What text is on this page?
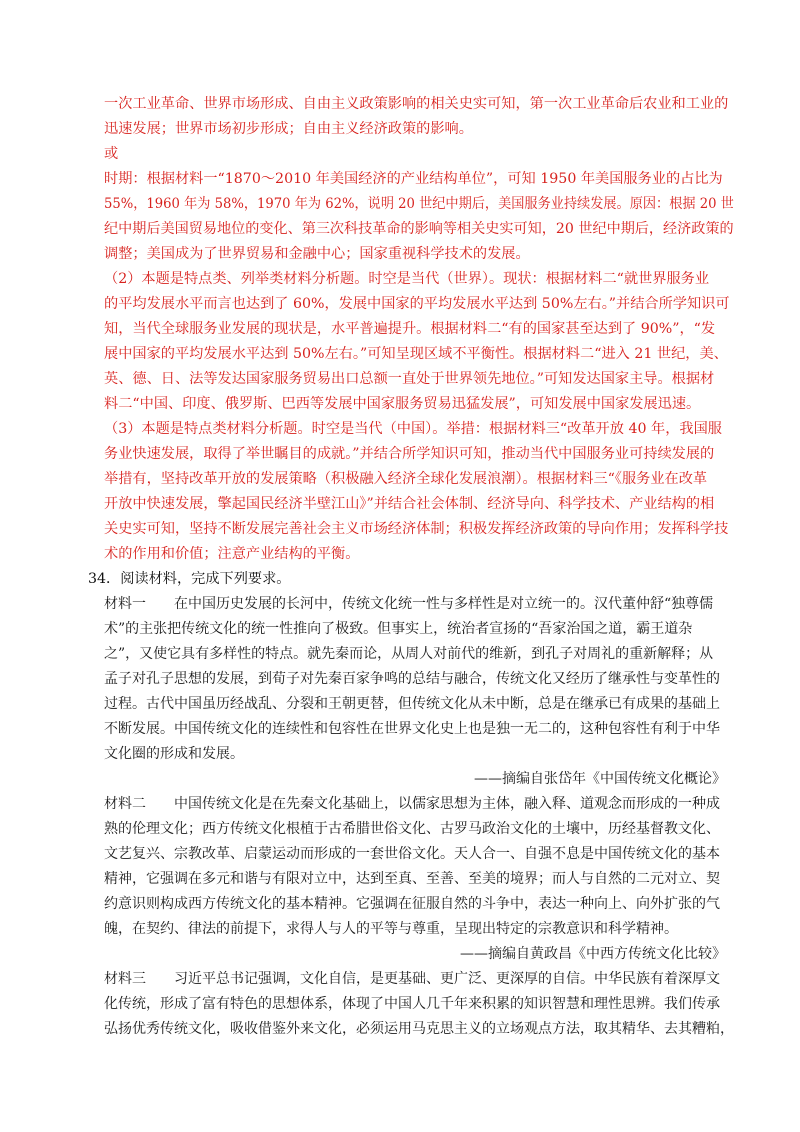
一次工业革命、世界市场形成、自由主义政策影响的相关史实可知，第一次工业革命后农业和工业的
迅速发展；世界市场初步形成；自由主义经济政策的影响。
或
时期：根据材料一“1870～2010 年美国经济的产业结构单位”，可知 1950 年美国服务业的占比为
55%，1960 年为 58%，1970 年为 62%，说明 20 世纪中期后，美国服务业持续发展。原因：根据 20 世
纪中期后美国贸易地位的变化、第三次科技革命的影响等相关史实可知，20 世纪中期后，经济政策的
调整；美国成为了世界贸易和金融中心；国家重视科学技术的发展。
（2）本题是特点类、列举类材料分析题。时空是当代（世界）。现状：根据材料二“就世界服务业
的平均发展水平而言也达到了 60%，发展中国家的平均发展水平达到 50%左右。”并结合所学知识可
知，当代全球服务业发展的现状是，水平普遍提升。根据材料二“有的国家甚至达到了 90%”，“发
展中国家的平均发展水平达到 50%左右。”可知呈现区域不平衡性。根据材料二“进入 21 世纪，美、
英、德、日、法等发达国家服务贸易出口总额一直处于世界领先地位。”可知发达国家主导。根据材
料二“中国、印度、俄罗斯、巴西等发展中国家服务贸易迅猛发展”，可知发展中国家发展迅速。
（3）本题是特点类材料分析题。时空是当代（中国）。举措：根据材料三“改革开放 40 年，我国服
务业快速发展，取得了举世瞩目的成就。”并结合所学知识可知，推动当代中国服务业可持续发展的
举措有，坚持改革开放的发展策略（积极融入经济全球化发展浪潮）。根据材料三“《服务业在改革
开放中快速发展，擎起国民经济半壁江山》”并结合社会体制、经济导向、科学技术、产业结构的相
关史实可知，坚持不断发展完善社会主义市场经济体制；积极发挥经济政策的导向作用；发挥科学技
术的作用和价值；注意产业结构的平衡。
34．阅读材料，完成下列要求。
材料一　　在中国历史发展的长河中，传统文化统一性与多样性是对立统一的。汉代董仲舒“独尊儒
术”的主张把传统文化的统一性推向了极致。但事实上，统治者宣扬的“吾家治国之道，霸王道杂
之”，又使它具有多样性的特点。就先秦而论，从周人对前代的维新，到孔子对周礼的重新解释；从
孟子对孔子思想的发展，到荀子对先秦百家争鸣的总结与融合，传统文化又经历了继承性与变革性的
过程。古代中国虽历经战乱、分裂和王朝更替，但传统文化从未中断，总是在继承已有成果的基础上
不断发展。中国传统文化的连续性和包容性在世界文化史上也是独一无二的，这种包容性有利于中华
文化圈的形成和发展。
——摘编自张岱年《中国传统文化概论》
材料二　　中国传统文化是在先秦文化基础上，以儒家思想为主体，融入释、道观念而形成的一种成
熟的伦理文化；西方传统文化根植于古希腊世俗文化、古罗马政治文化的土壤中，历经基督教文化、
文艺复兴、宗教改革、启蒙运动而形成的一套世俗文化。天人合一、自强不息是中国传统文化的基本
精神，它强调在多元和谐与有限对立中，达到至真、至善、至美的境界；而人与自然的二元对立、契
约意识则构成西方传统文化的基本精神。它强调在征服自然的斗争中，表达一种向上、向外扩张的气
魄，在契约、律法的前提下，求得人与人的平等与尊重，呈现出特定的宗教意识和科学精神。
——摘编自黄政昌《中西方传统文化比较》
材料三　　习近平总书记强调，文化自信，是更基础、更广泛、更深厚的自信。中华民族有着深厚文
化传统，形成了富有特色的思想体系，体现了中国人几千年来积累的知识智慧和理性思辨。我们传承
弘扬优秀传统文化，吸收借鉴外来文化，必须运用马克思主义的立场观点方法，取其精华、去其糟粕，
